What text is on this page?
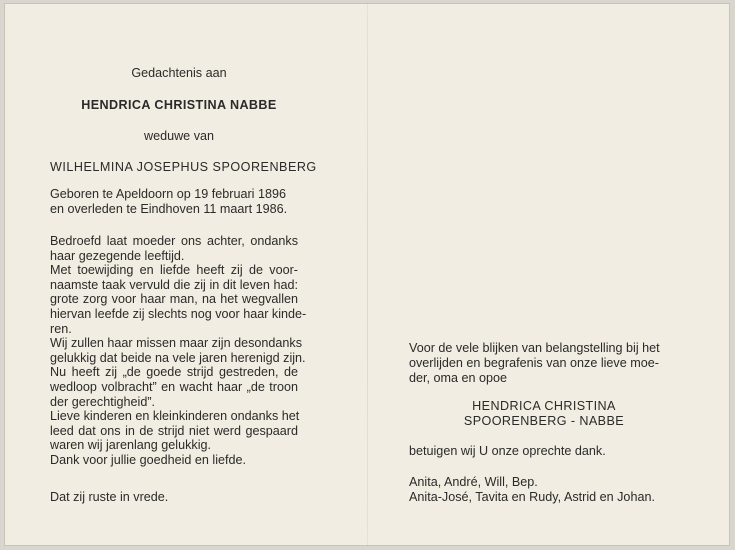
Gedachtenis aan
HENDRICA CHRISTINA NABBE
weduwe van
WILHELMINA JOSEPHUS SPOORENBERG
Geboren te Apeldoorn op 19 februari 1896
en overleden te Eindhoven 11 maart 1986.
Bedroefd laat moeder ons achter, ondanks
haar gezegende leeftijd.
Met toewijding en liefde heeft zij de voor-
naamste taak vervuld die zij in dit leven had:
grote zorg voor haar man, na het wegvallen
hiervan leefde zij slechts nog voor haar kinde-
ren.
Wij zullen haar missen maar zijn desondanks
gelukkig dat beide na vele jaren herenigd zijn.
Nu heeft zij „de goede strijd gestreden, de
wedloop volbracht” en wacht haar „de troon
der gerechtigheid”.
Lieve kinderen en kleinkinderen ondanks het
leed dat ons in de strijd niet werd gespaard
waren wij jarenlang gelukkig.
Dank voor jullie goedheid en liefde.
Dat zij ruste in vrede.
Voor de vele blijken van belangstelling bij het
overlijden en begrafenis van onze lieve moe-
der, oma en opoe
HENDRICA CHRISTINA
SPOORENBERG - NABBE
betuigen wij U onze oprechte dank.
Anita, André, Will, Bep.
Anita-José, Tavita en Rudy, Astrid en Johan.
